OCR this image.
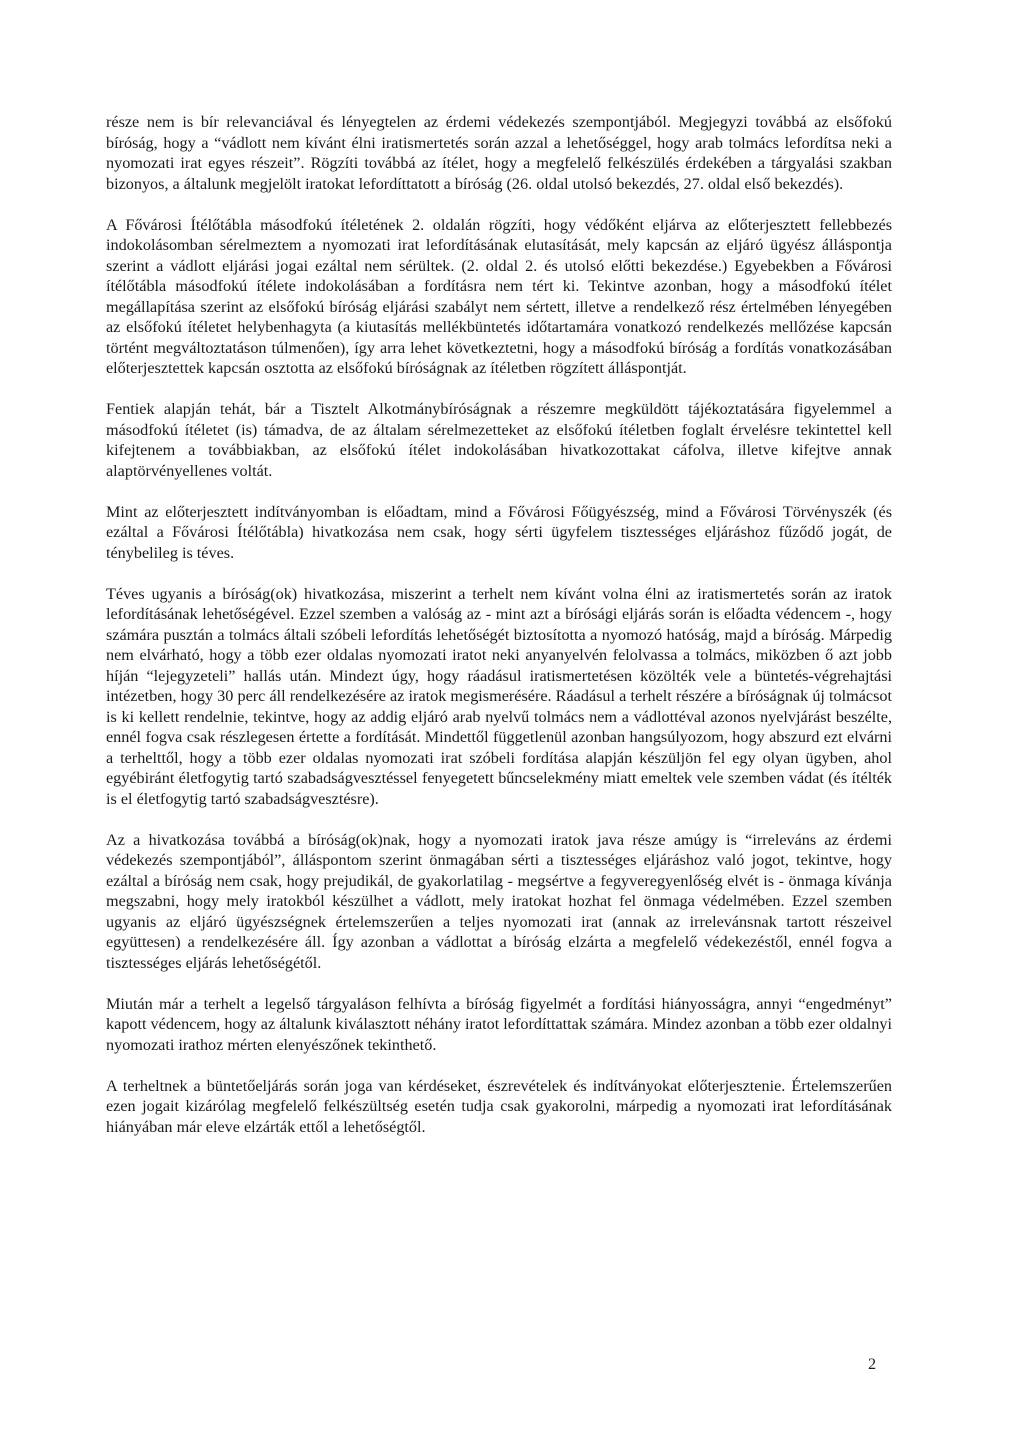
része nem is bír relevanciával és lényegtelen az érdemi védekezés szempontjából. Megjegyzi továbbá az elsőfokú bíróság, hogy a “vádlott nem kívánt élni iratismertetés során azzal a lehetőséggel, hogy arab tolmács lefordítsa neki a nyomozati irat egyes részeit”. Rögzíti továbbá az ítélet, hogy a megfelelő felkészülés érdekében a tárgyalási szakban bizonyos, a általunk megjelölt iratokat lefordíttatott a bíróság (26. oldal utolsó bekezdés, 27. oldal első bekezdés).

A Fővárosi Ítélőtábla másodfokú ítéletének 2. oldalán rögzíti, hogy védőként eljárva az előterjesztett fellebbezés indokolásomban sérelmeztem a nyomozati irat lefordításának elutasítását, mely kapcsán az eljáró ügyész álláspontja szerint a vádlott eljárási jogai ezáltal nem sérültek. (2. oldal 2. és utolsó előtti bekezdése.) Egyebekben a Fővárosi ítélőtábla másodfokú ítélete indokolásában a fordításra nem tért ki. Tekintve azonban, hogy a másodfokú ítélet megállapítása szerint az elsőfokú bíróság eljárási szabályt nem sértett, illetve a rendelkező rész értelmében lényegében az elsőfokú ítéletet helybenhagyta (a kiutasítás mellékbüntetés időtartamára vonatkozó rendelkezés mellőzése kapcsán történt megváltoztatáson túlmenően), így arra lehet következtetni, hogy a másodfokú bíróság a fordítás vonatkozásában előterjesztettek kapcsán osztotta az elsőfokú bíróságnak az ítéletben rögzített álláspontját.

Fentiek alapján tehát, bár a Tisztelt Alkotmánybíróságnak a részemre megküldött tájékoztatására figyelemmel a másodfokú ítéletet (is) támadva, de az általam sérelmezetteket az elsőfokú ítéletben foglalt érvelésre tekintettel kell kifejtenem a továbbiakban, az elsőfokú ítélet indokolásában hivatkozottakat cáfolva, illetve kifejtve annak alaptörvényellenes voltát.

Mint az előterjesztett indítványomban is előadtam, mind a Fővárosi Főügyészség, mind a Fővárosi Törvényszék (és ezáltal a Fővárosi Ítélőtábla) hivatkozása nem csak, hogy sérti ügyfelem tisztességes eljáráshoz fűződő jogát, de ténybelileg is téves.

Téves ugyanis a bíróság(ok) hivatkozása, miszerint a terhelt nem kívánt volna élni az iratismertetés során az iratok lefordításának lehetőségével. Ezzel szemben a valóság az - mint azt a bírósági eljárás során is előadta védencem -, hogy számára pusztán a tolmács általi szóbeli lefordítás lehetőségét biztosította a nyomozó hatóság, majd a bíróság. Márpedig nem elvárható, hogy a több ezer oldalas nyomozati iratot neki anyanyelvén felolvassa a tolmács, miközben ő azt jobb híján “lejegyzeteli” hallás után. Mindezt úgy, hogy ráadásul iratismertetésen közölték vele a büntetés-végrehajtási intézetben, hogy 30 perc áll rendelkezésére az iratok megismerésére. Ráadásul a terhelt részére a bíróságnak új tolmácsot is ki kellett rendelnie, tekintve, hogy az addig eljáró arab nyelvű tolmács nem a vádlottéval azonos nyelvjárást beszélte, ennél fogva csak részlegesen értette a fordítását. Mindettől függetlenül azonban hangsúlyozom, hogy abszurd ezt elvárni a terhelttől, hogy a több ezer oldalas nyomozati irat szóbeli fordítása alapján készüljön fel egy olyan ügyben, ahol egyébiránt életfogytig tartó szabadságvesztéssel fenyegetett bűncselekmény miatt emeltek vele szemben vádat (és ítélték is el életfogytig tartó szabadságvesztésre).

Az a hivatkozása továbbá a bíróság(ok)nak, hogy a nyomozati iratok java része amúgy is “irreleváns az érdemi védekezés szempontjából”, álláspontom szerint önmagában sérti a tisztességes eljáráshoz való jogot, tekintve, hogy ezáltal a bíróság nem csak, hogy prejudikál, de gyakorlatilag - megsértve a fegyveregyenlőség elvét is - önmaga kívánja megszabni, hogy mely iratokból készülhet a vádlott, mely iratokat hozhat fel önmaga védelmében. Ezzel szemben ugyanis az eljáró ügyészségnek értelemszerűen a teljes nyomozati irat (annak az irrelevánsnak tartott részeivel együttesen) a rendelkezésére áll. Így azonban a vádlottat a bíróság elzárta a megfelelő védekezéstől, ennél fogva a tisztességes eljárás lehetőségétől.

Miután már a terhelt a legelső tárgyaláson felhívta a bíróság figyelmét a fordítási hiányosságra, annyi “engedményt” kapott védencem, hogy az általunk kiválasztott néhány iratot lefordíttattak számára. Mindez azonban a több ezer oldalnyi nyomozati irathoz mérten elenyészőnek tekinthető.

A terheltnek a büntetőeljárás során joga van kérdéseket, észrevételek és indítványokat előterjesztenie. Értelemszerűen ezen jogait kizárólag megfelelő felkészültség esetén tudja csak gyakorolni, márpedig a nyomozati irat lefordításának hiányában már eleve elzárták ettől a lehetőségtől.

2
